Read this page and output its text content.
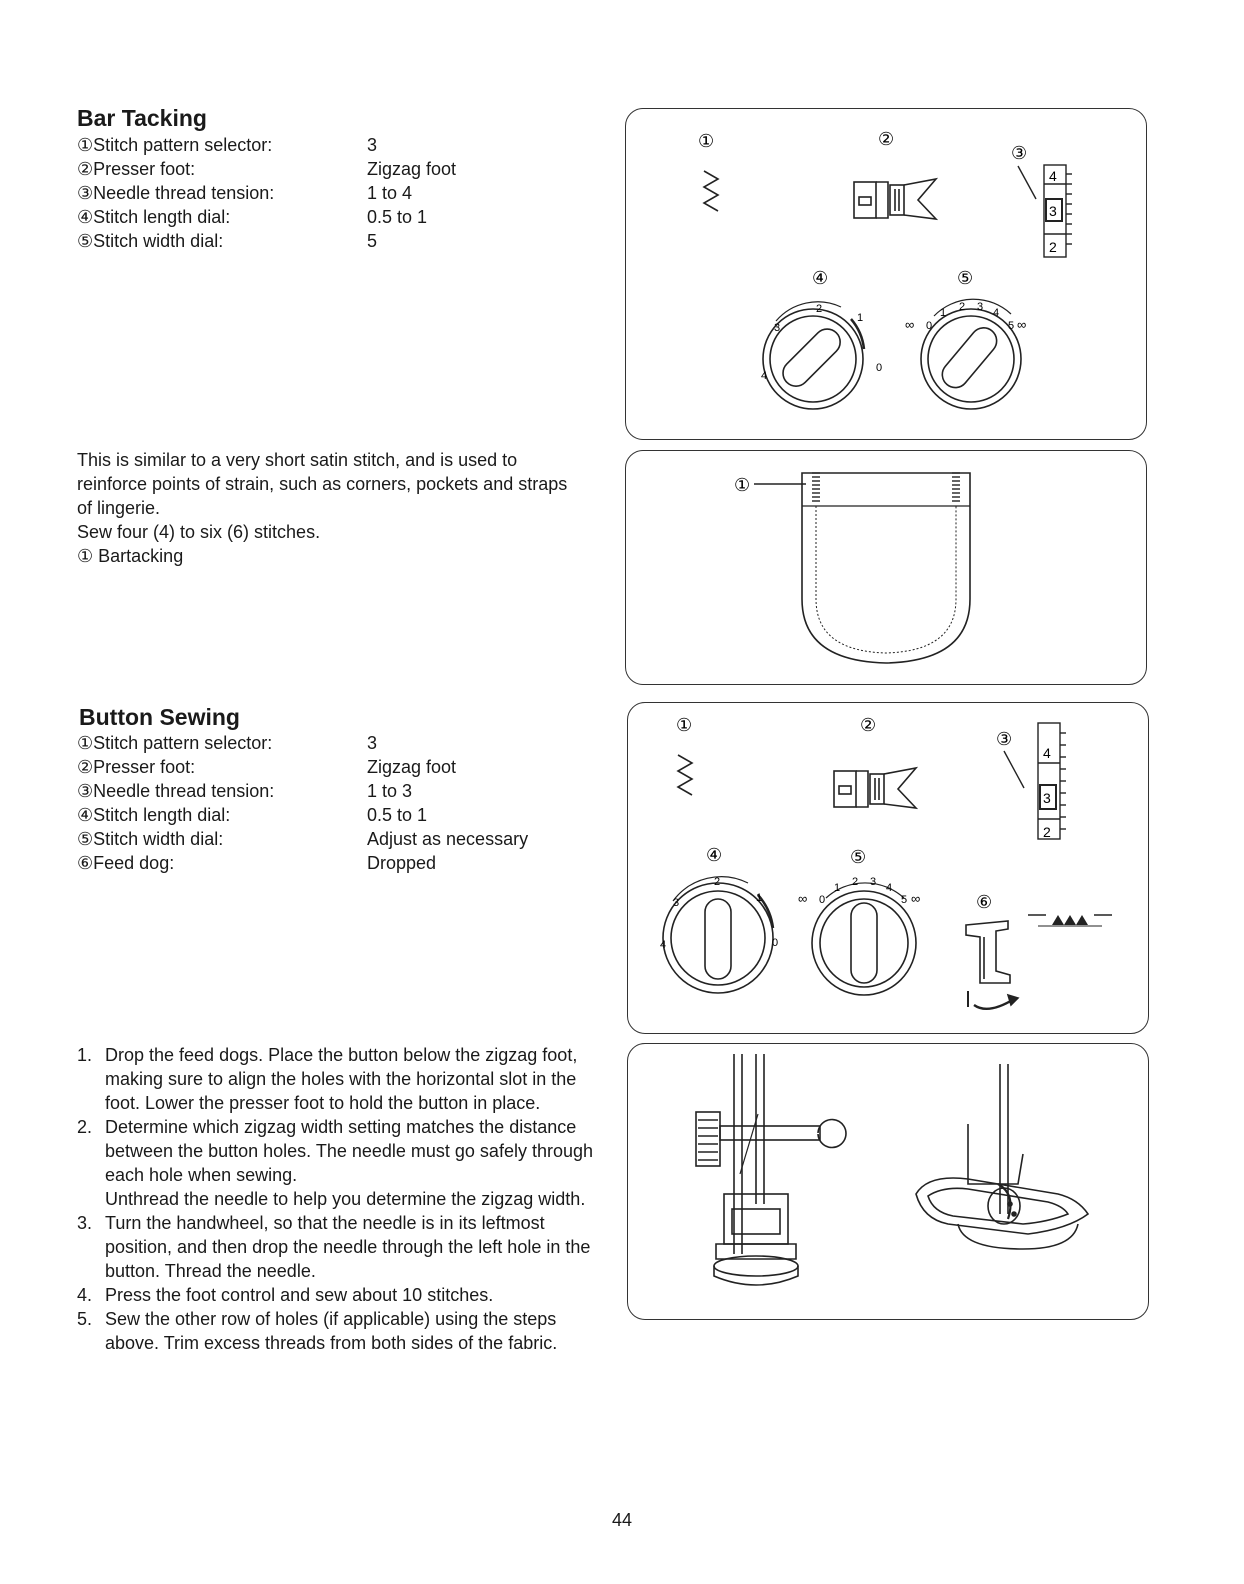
Bar Tacking
①Stitch pattern selector:	3
②Presser foot:	Zigzag foot
③Needle thread tension:	1 to 4
④Stitch length dial:	0.5 to 1
⑤Stitch width dial:	5

This is similar to a very short satin stitch, and is used to reinforce points of strain, such as corners, pockets and straps of lingerie.

Sew four (4) to six (6) stitches.

① Bartacking

Button Sewing
①Stitch pattern selector:	3
②Presser foot:	Zigzag foot
③Needle thread tension:	1 to 3
④Stitch length dial:	0.5 to 1
⑤Stitch width dial:	Adjust as necessary
⑥Feed dog:	Dropped
1. Drop the feed dogs. Place the button below the zigzag foot, making sure to align the holes with the horizontal slot in the foot. Lower the presser foot to hold the button in place.

2. Determine which zigzag width setting matches the distance between the button holes. The needle must go safely through each hole when sewing.

Unthread the needle to help you determine the zigzag width.

3. Turn the handwheel, so that the needle is in its leftmost position, and then drop the needle through the left hole in the button. Thread the needle.

4. Press the foot control and sew about 10 stitches.

5. Sew the other row of holes (if applicable) using the steps above. Trim excess threads from both sides of the fabric.

①	②
③
4
3
2
④	⑤
4
3
2
1
0
0
1 2 3 4
5
∞	∞
①
①	②
③
4
3
2
④	⑤
4
3
2
1
0
0
1 2 3 4
5
∞	∞	⑥
44
